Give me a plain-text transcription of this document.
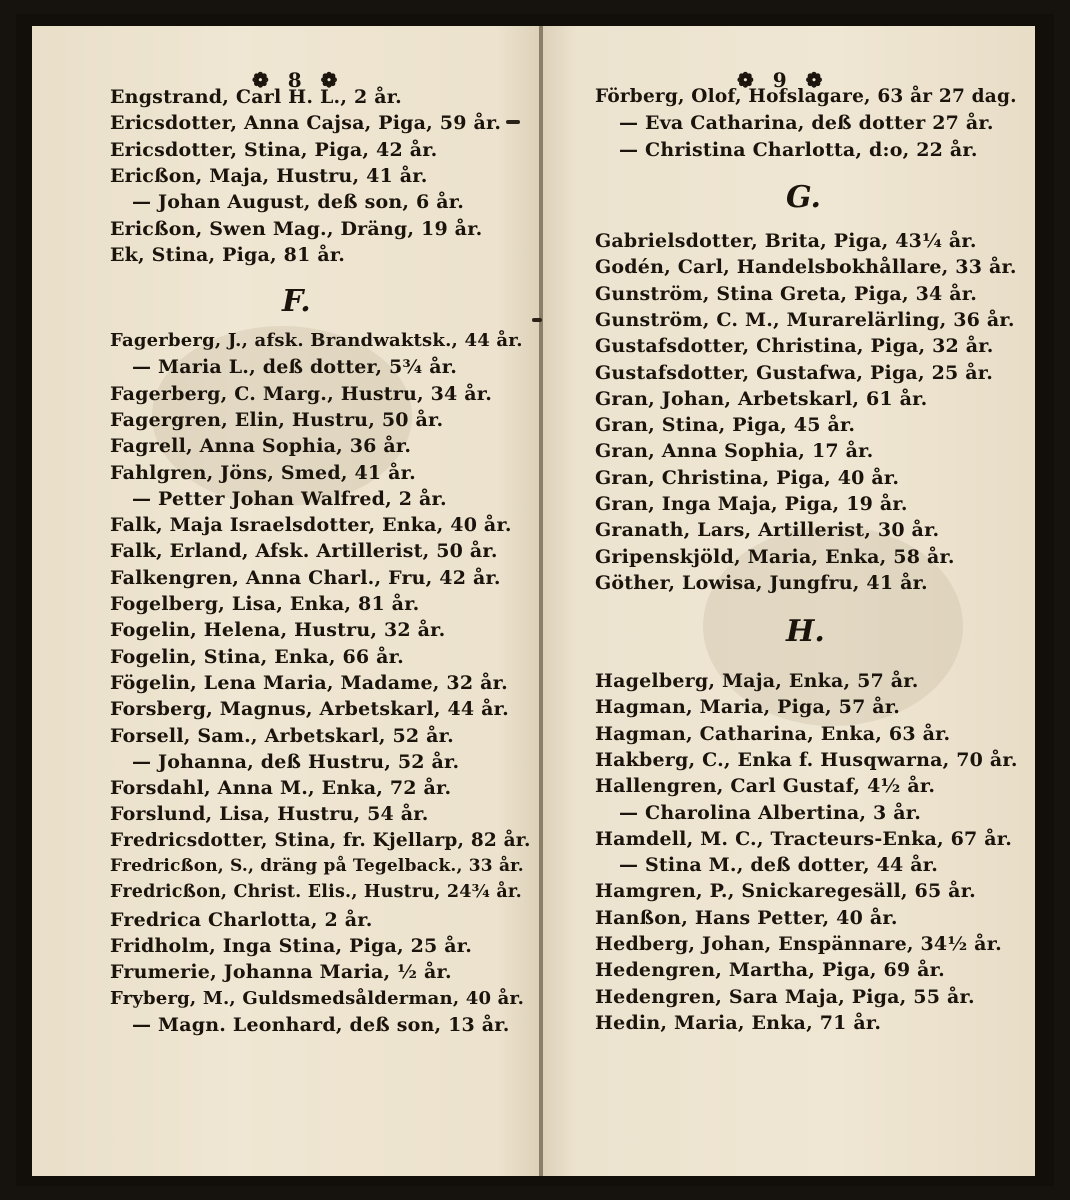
❁ 8 ❁
Engstrand, Carl H. L., 2 år.
Ericsdotter, Anna Cajsa, Piga, 59 år.
Ericsdotter, Stina, Piga, 42 år.
Ericßon, Maja, Hustru, 41 år.
— Johan August, deß son, 6 år.
Ericßon, Swen Mag., Dräng, 19 år.
Ek, Stina, Piga, 81 år.
F.
Fagerberg, J., afsk. Brandwaktsk., 44 år.
— Maria L., deß dotter, 5¾ år.
Fagerberg, C. Marg., Hustru, 34 år.
Fagergren, Elin, Hustru, 50 år.
Fagrell, Anna Sophia, 36 år.
Fahlgren, Jöns, Smed, 41 år.
— Petter Johan Walfred, 2 år.
Falk, Maja Israelsdotter, Enka, 40 år.
Falk, Erland, Afsk. Artillerist, 50 år.
Falkengren, Anna Charl., Fru, 42 år.
Fogelberg, Lisa, Enka, 81 år.
Fogelin, Helena, Hustru, 32 år.
Fogelin, Stina, Enka, 66 år.
Fögelin, Lena Maria, Madame, 32 år.
Forsberg, Magnus, Arbetskarl, 44 år.
Forsell, Sam., Arbetskarl, 52 år.
— Johanna, deß Hustru, 52 år.
Forsdahl, Anna M., Enka, 72 år.
Forslund, Lisa, Hustru, 54 år.
Fredricsdotter, Stina, fr. Kjellarp, 82 år.
Fredricßon, S., dräng på Tegelback., 33 år.
Fredricßon, Christ. Elis., Hustru, 24¾ år.
Fredrica Charlotta, 2 år.
Fridholm, Inga Stina, Piga, 25 år.
Frumerie, Johanna Maria, ½ år.
Fryberg, M., Guldsmedsålderman, 40 år.
— Magn. Leonhard, deß son, 13 år.
❁ 9 ❁
Förberg, Olof, Hofslagare, 63 år 27 dag.
— Eva Catharina, deß dotter 27 år.
— Christina Charlotta, d:o, 22 år.
G.
Gabrielsdotter, Brita, Piga, 43¼ år.
Godén, Carl, Handelsbokhållare, 33 år.
Gunström, Stina Greta, Piga, 34 år.
Gunström, C. M., Murarelärling, 36 år.
Gustafsdotter, Christina, Piga, 32 år.
Gustafsdotter, Gustafwa, Piga, 25 år.
Gran, Johan, Arbetskarl, 61 år.
Gran, Stina, Piga, 45 år.
Gran, Anna Sophia, 17 år.
Gran, Christina, Piga, 40 år.
Gran, Inga Maja, Piga, 19 år.
Granath, Lars, Artillerist, 30 år.
Gripenskjöld, Maria, Enka, 58 år.
Göther, Lowisa, Jungfru, 41 år.
H.
Hagelberg, Maja, Enka, 57 år.
Hagman, Maria, Piga, 57 år.
Hagman, Catharina, Enka, 63 år.
Hakberg, C., Enka f. Husqwarna, 70 år.
Hallengren, Carl Gustaf, 4½ år.
— Charolina Albertina, 3 år.
Hamdell, M. C., Tracteurs-Enka, 67 år.
— Stina M., deß dotter, 44 år.
Hamgren, P., Snickaregesäll, 65 år.
Hanßon, Hans Petter, 40 år.
Hedberg, Johan, Enspännare, 34½ år.
Hedengren, Martha, Piga, 69 år.
Hedengren, Sara Maja, Piga, 55 år.
Hedin, Maria, Enka, 71 år.
